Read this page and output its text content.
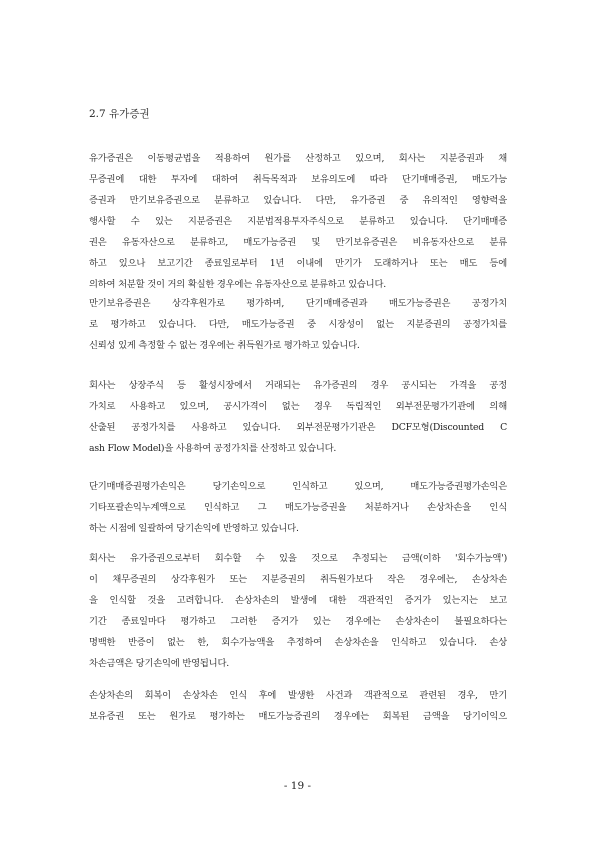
2.7 유가증권
유가증권은 이동평균법을 적용하여 원가를 산정하고 있으며, 회사는 지분증권과 채
무증권에 대한 투자에 대하여 취득목적과 보유의도에 따라 단기매매증권, 매도가능
증권과 만기보유증권으로 분류하고 있습니다. 다만, 유가증권 중 유의적인 영향력을
행사할 수 있는 지분증권은 지분법적용투자주식으로 분류하고 있습니다. 단기매매증
권은 유동자산으로 분류하고, 매도가능증권 및 만기보유증권은 비유동자산으로 분류
하고 있으나 보고기간 종료일로부터 1년 이내에 만기가 도래하거나 또는 매도 등에
의하여 처분할 것이 거의 확실한 경우에는 유동자산으로 분류하고 있습니다.
만기보유증권은 상각후원가로 평가하며, 단기매매증권과 매도가능증권은 공정가치
로 평가하고 있습니다. 다만, 매도가능증권 중 시장성이 없는 지분증권의 공정가치를
신뢰성 있게 측정할 수 없는 경우에는 취득원가로 평가하고 있습니다.
회사는 상장주식 등 활성시장에서 거래되는 유가증권의 경우 공시되는 가격을 공정
가치로 사용하고 있으며, 공시가격이 없는 경우 독립적인 외부전문평가기관에 의해
산출된 공정가치를 사용하고 있습니다. 외부전문평가기관은 DCF모형(Discounted C
ash Flow Model)을 사용하여 공정가치를 산정하고 있습니다.
단기매매증권평가손익은 당기손익으로 인식하고 있으며, 매도가능증권평가손익은
기타포괄손익누계액으로 인식하고 그 매도가능증권을 처분하거나 손상차손을 인식
하는 시점에 일괄하여 당기손익에 반영하고 있습니다.
회사는 유가증권으로부터 회수할 수 있을 것으로 추정되는 금액(이하 '회수가능액')
이 채무증권의 상각후원가 또는 지분증권의 취득원가보다 작은 경우에는, 손상차손
을 인식할 것을 고려합니다. 손상차손의 발생에 대한 객관적인 증거가 있는지는 보고
기간 종료일마다 평가하고 그러한 증거가 있는 경우에는 손상차손이 불필요하다는
명백한 반증이 없는 한, 회수가능액을 추정하여 손상차손을 인식하고 있습니다. 손상
차손금액은 당기손익에 반영됩니다.
손상차손의 회복이 손상차손 인식 후에 발생한 사건과 객관적으로 관련된 경우, 만기
보유증권 또는 원가로 평가하는 매도가능증권의 경우에는 회복된 금액을 당기이익으
- 19 -
